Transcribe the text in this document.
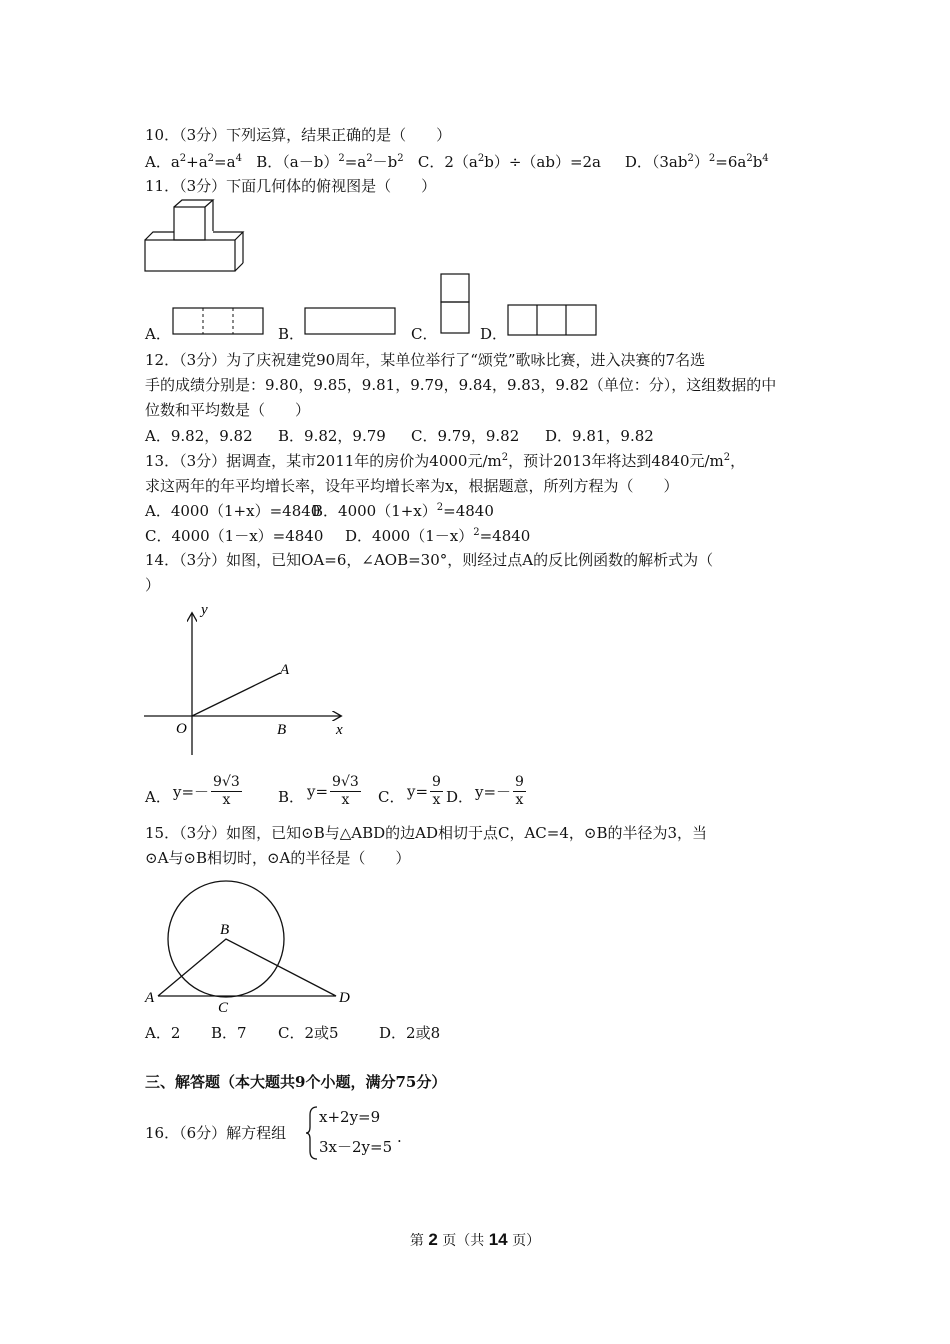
10．（3分）下列运算，结果正确的是（　　）
A．$a^2+a^2=a^4$ B．$(a-b)^2=a^2-b^2$ C．$2(a^2b)\div(ab)=2a$ D．$(3ab^2)^2=6a^2b^4$
11．（3分）下面几何体的俯视图是（　　）
A．	B．	C．	D．
12．（3分）为了庆祝建党90周年，某单位举行了“颂党”歌咏比赛，进入决赛的7名选
手的成绩分别是：9.80，9.85，9.81，9.79，9.84，9.83，9.82（单位：分），这组数据的中
位数和平均数是（　　）
A．9.82，9.82 B．9.82，9.79 C．9.79，9.82 D．9.81，9.82
13．（3分）据调查，某市2011年的房价为4000元$/m^2$，预计2013年将达到4840元$/m^2$，
求这两年的年平均增长率，设年平均增长率为x，根据题意，所列方程为（　　）
A．4000（1+x）=4840
B．$4000(1+x)^2=4840$
C．4000（1－x）=4840 D．$4000(1-x)^2=4840$
14．（3分）如图，已知OA=6，∠AOB=30°，则经过点A的反比例函数的解析式为（
）
y
x
O
A
B
A． $y=- \frac{9√3}{x}$ B． $y= \frac{9√3}{x}$ C． $y= \frac{9}{x}$ D． $y=- \frac{9}{x}$
15．（3分）如图，已知⊙B与△ABD的边AD相切于点C，AC=4，⊙B的半径为3，当
⊙A与⊙B相切时，⊙A的半径是（　　）
A
B
C
D
A．2 B．7 C．2或5	D．2或8
三、解答题（本大题共9个小题，满分75分）
16．（6分）解方程组
x+2y=9
3x－2y=5
.
第 2 页（共 14 页）
